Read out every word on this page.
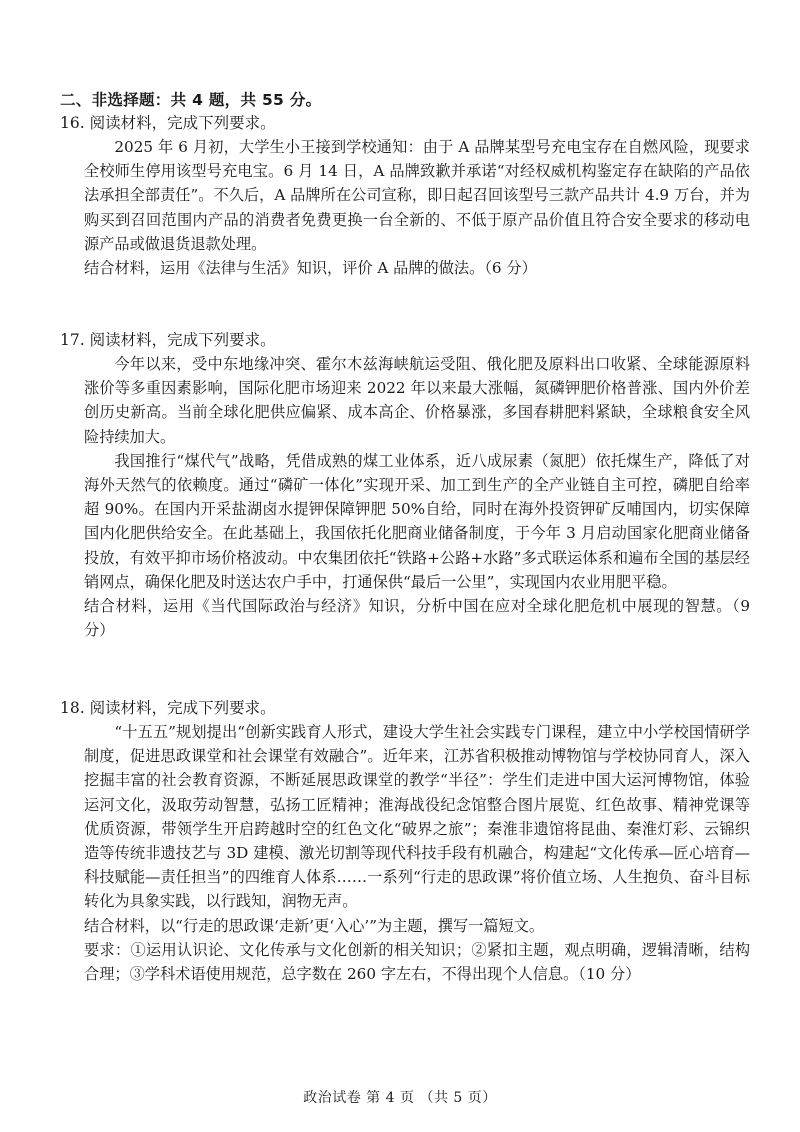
二、非选择题：共 4 题，共 55 分。

16. 阅读材料，完成下列要求。

2025 年 6 月初，大学生小王接到学校通知：由于 A 品牌某型号充电宝存在自燃风险，现要求全校师生停用该型号充电宝。6 月 14 日，A 品牌致歉并承诺“对经权威机构鉴定存在缺陷的产品依法承担全部责任”。不久后，A 品牌所在公司宣称，即日起召回该型号三款产品共计 4.9 万台，并为购买到召回范围内产品的消费者免费更换一台全新的、不低于原产品价值且符合安全要求的移动电源产品或做退货退款处理。

结合材料，运用《法律与生活》知识，评价 A 品牌的做法。（6 分）

17. 阅读材料，完成下列要求。

今年以来，受中东地缘冲突、霍尔木兹海峡航运受阻、俄化肥及原料出口收紧、全球能源原料涨价等多重因素影响，国际化肥市场迎来 2022 年以来最大涨幅，氮磷钾肥价格普涨、国内外价差创历史新高。当前全球化肥供应偏紧、成本高企、价格暴涨，多国春耕肥料紧缺，全球粮食安全风险持续加大。

我国推行“煤代气”战略，凭借成熟的煤工业体系，近八成尿素（氮肥）依托煤生产，降低了对海外天然气的依赖度。通过“磷矿一体化”实现开采、加工到生产的全产业链自主可控，磷肥自给率超 90%。在国内开采盐湖卤水提钾保障钾肥 50%自给，同时在海外投资钾矿反哺国内，切实保障国内化肥供给安全。在此基础上，我国依托化肥商业储备制度，于今年 3 月启动国家化肥商业储备投放，有效平抑市场价格波动。中农集团依托“铁路+公路+水路”多式联运体系和遍布全国的基层经销网点，确保化肥及时送达农户手中，打通保供“最后一公里”，实现国内农业用肥平稳。

结合材料，运用《当代国际政治与经济》知识，分析中国在应对全球化肥危机中展现的智慧。（9 分）

18. 阅读材料，完成下列要求。

“十五五”规划提出“创新实践育人形式，建设大学生社会实践专门课程，建立中小学校国情研学制度，促进思政课堂和社会课堂有效融合”。近年来，江苏省积极推动博物馆与学校协同育人，深入挖掘丰富的社会教育资源，不断延展思政课堂的教学“半径”：学生们走进中国大运河博物馆，体验运河文化，汲取劳动智慧，弘扬工匠精神；淮海战役纪念馆整合图片展览、红色故事、精神党课等优质资源，带领学生开启跨越时空的红色文化“破界之旅”；秦淮非遗馆将昆曲、秦淮灯彩、云锦织造等传统非遗技艺与 3D 建模、激光切割等现代科技手段有机融合，构建起“文化传承—匠心培育—科技赋能—责任担当”的四维育人体系……一系列“行走的思政课”将价值立场、人生抱负、奋斗目标转化为具象实践，以行践知，润物无声。

结合材料，以“行走的思政课‘走新’更‘入心’”为主题，撰写一篇短文。

要求：①运用认识论、文化传承与文化创新的相关知识；②紧扣主题，观点明确，逻辑清晰，结构合理；③学科术语使用规范，总字数在 260 字左右，不得出现个人信息。（10 分）

政治试卷 第 4 页 （共 5 页）
